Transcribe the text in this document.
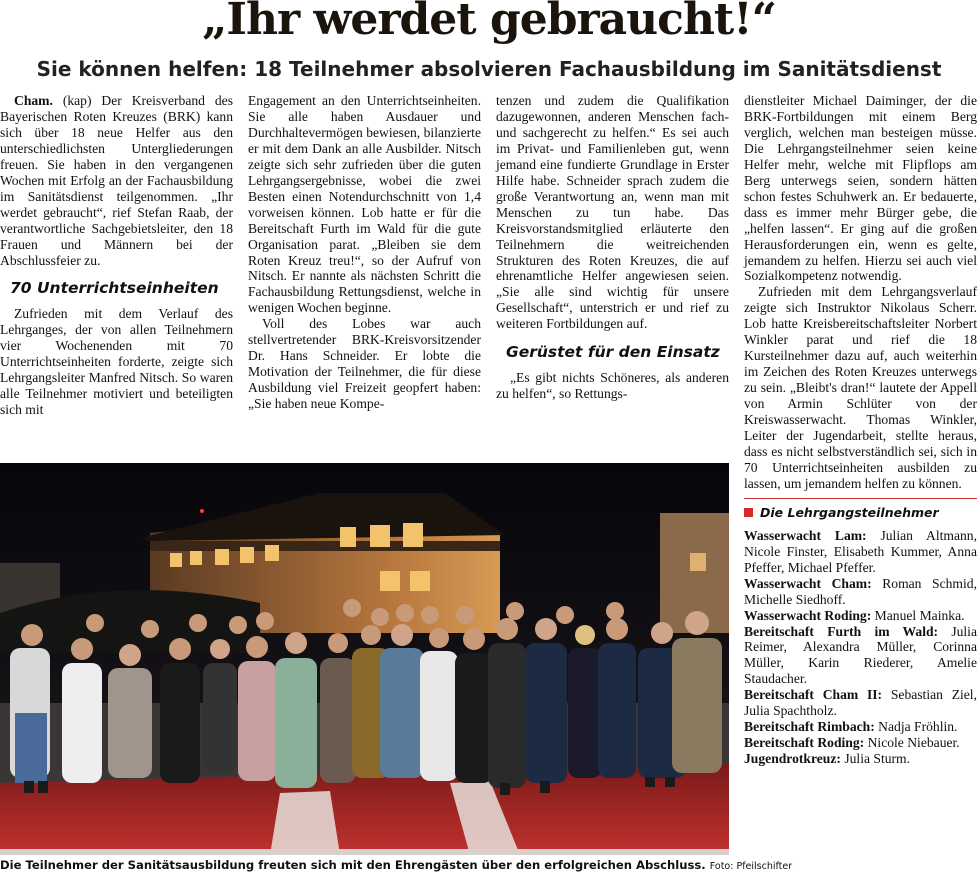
„Ihr werdet gebraucht!“
Sie können helfen: 18 Teilnehmer absolvieren Fachausbildung im Sanitätsdienst

Cham. (kap) Der Kreisverband des Bayerischen Roten Kreuzes (BRK) kann sich über 18 neue Helfer aus den unterschiedlichsten Untergliederungen freuen. Sie haben in den vergangenen Wochen mit Erfolg an der Fachausbildung im Sanitätsdienst teilgenommen. „Ihr werdet gebraucht“, rief Stefan Raab, der verantwortliche Sachgebietsleiter, den 18 Frauen und Männern bei der Abschlussfeier zu.

70 Unterrichtseinheiten

Zufrieden mit dem Verlauf des Lehrganges, der von allen Teilnehmern vier Wochenenden mit 70 Unterrichtseinheiten forderte, zeigte sich Lehrgangsleiter Manfred Nitsch. So waren alle Teilnehmer motiviert und beteiligten sich mit

Engagement an den Unterrichtseinheiten. Sie alle haben Ausdauer und Durchhaltevermögen bewiesen, bilanzierte er mit dem Dank an alle Ausbilder. Nitsch zeigte sich sehr zufrieden über die guten Lehrgangsergebnisse, wobei die zwei Besten einen Notendurchschnitt von 1,4 vorweisen können. Lob hatte er für die Bereitschaft Furth im Wald für die gute Organisation parat. „Bleiben sie dem Roten Kreuz treu!“, so der Aufruf von Nitsch. Er nannte als nächsten Schritt die Fachausbildung Rettungsdienst, welche in wenigen Wochen beginne.

Voll des Lobes war auch stellvertretender BRK-Kreisvorsitzender Dr. Hans Schneider. Er lobte die Motivation der Teilnehmer, die für diese Ausbildung viel Freizeit geopfert haben: „Sie haben neue Kompe-

tenzen und zudem die Qualifikation dazugewonnen, anderen Menschen fach- und sachgerecht zu helfen.“ Es sei auch im Privat- und Familienleben gut, wenn jemand eine fundierte Grundlage in Erster Hilfe habe. Schneider sprach zudem die große Verantwortung an, wenn man mit Menschen zu tun habe. Das Kreisvorstandsmitglied erläuterte den Teilnehmern die weitreichenden Strukturen des Roten Kreuzes, die auf ehrenamtliche Helfer angewiesen seien. „Sie alle sind wichtig für unsere Gesellschaft“, unterstrich er und rief zu weiteren Fortbildungen auf.

Gerüstet für den Einsatz

„Es gibt nichts Schöneres, als anderen zu helfen“, so Rettungs-

dienstleiter Michael Daiminger, der die BRK-Fortbildungen mit einem Berg verglich, welchen man besteigen müsse. Die Lehrgangsteilnehmer seien keine Helfer mehr, welche mit Flipflops am Berg unterwegs seien, sondern hätten schon festes Schuhwerk an. Er bedauerte, dass es immer mehr Bürger gebe, die „helfen lassen“. Er ging auf die großen Herausforderungen ein, wenn es gelte, jemandem zu helfen. Hierzu sei auch viel Sozialkompetenz notwendig.

Zufrieden mit dem Lehrgangsverlauf zeigte sich Instruktor Nikolaus Scherr. Lob hatte Kreisbereitschaftsleiter Norbert Winkler parat und rief die 18 Kursteilnehmer dazu auf, auch weiterhin im Zeichen des Roten Kreuzes unterwegs zu sein. „Bleibt's dran!“ lautete der Appell von Armin Schlüter von der Kreiswasserwacht. Thomas Winkler, Leiter der Jugendarbeit, stellte heraus, dass es nicht selbstverständlich sei, sich in 70 Unterrichtseinheiten ausbilden zu lassen, um jemandem helfen zu können.

Die Lehrgangsteilnehmer

Wasserwacht Lam: Julian Altmann, Nicole Finster, Elisabeth Kummer, Anna Pfeffer, Michael Pfeffer.

Wasserwacht Cham: Roman Schmid, Michelle Siedhoff.

Wasserwacht Roding: Manuel Mainka.

Bereitschaft Furth im Wald: Julia Reimer, Alexandra Müller, Corinna Müller, Karin Riederer, Amelie Staudacher.

Bereitschaft Cham II: Sebastian Ziel, Julia Spachtholz.

Bereitschaft Rimbach: Nadja Fröhlin.

Bereitschaft Roding: Nicole Niebauer.

Jugendrotkreuz: Julia Sturm.

Die Teilnehmer der Sanitätsausbildung freuten sich mit den Ehrengästen über den erfolgreichen Abschluss. Foto: Pfeilschifter
